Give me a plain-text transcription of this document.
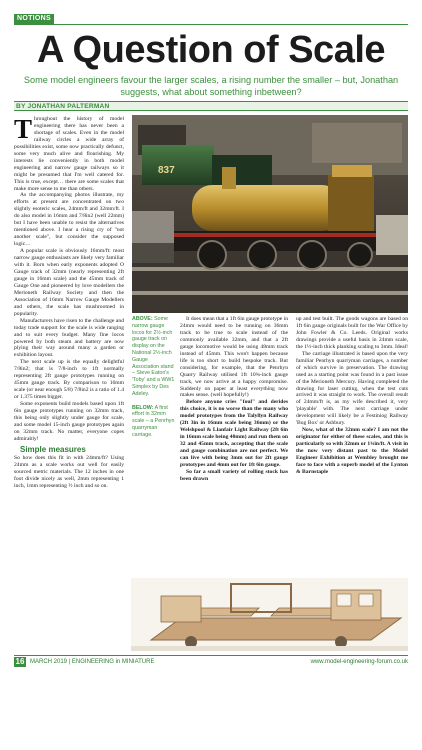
NOTIONS
A Question of Scale
Some model engineers favour the larger scales, a rising number the smaller – but, Jonathan suggests, what about something inbetween?
BY JONATHAN PALTERMAN

Throughout the history of model engineering there has never been a shortage of scales. Even in the model railway circles a wide array of possibilities exist, some now practically defunct, some very much alive and flourishing. My interests lie conveniently in both model engineering and narrow gauge railways so it might be presumed that I'm well catered for. This is true, except… there are some scales that make more sense to me than others.

As the accompanying photos illustrate, my efforts at present are concentrated on two slightly esoteric scales, 24mm/ft and 32mm/ft. I do also model in 16mm and 7/8in2 (well 22mm) but I have been unable to resist the alternatives mentioned above. I hear a rising cry of "not another scale", but consider the supposed logic…

A popular scale is obviously 16mm/ft: most narrow gauge enthusiasts are likely very familiar with it. Born when early exponents adopted O Gauge track of 32mm (nearly representing 2ft gauge in 16mm scale) and the 45mm track of Gauge One and pioneered by love modellers the Merioneth Railway Society and then the Association of 16mm Narrow Gauge Modellers and others, the scale has mushroomed in popularity.

Manufacturers have risen to the challenge and today trade support for the scale is wide ranging and to suit every budget. Many fine locos powered by both steam and battery are now plying their way around many a garden or exhibition layout.

The next scale up is the equally delightful 7/8in2; that is 7/8-inch to 1ft normally representing 2ft gauge prototypes running on 45mm gauge track. By comparison to 16mm scale (or near enough 5/8) 7/8in2 is a ratio of 1.4 or 1.375 times bigger.

Some exponents build models based upon 1ft 6in gauge prototypes running on 32mm track, this being only slightly under gauge for scale, and some model 15-inch gauge prototypes again on 32mm track. No matter, everyone copes admirably!

Simple measures

So how does this fit in with 24mm/ft? Using 24mm as a scale works out well for easily sourced metric materials. The 12 inches in one foot divide nicely as well, 2mm representing 1 inch, 1mm representing ½ inch and so on.

837

ABOVE: Some narrow gauge locos for 2½-inch gauge track on display on the National 2½-inch Gauge Association stand – Steve Eaton's 'Toby' and a WW1 Simplex by Des Adeley.

BELOW: A first effort in 32mm scale – a Penrhyn quarryman carriage.

It does mean that a 1ft 6in gauge prototype in 24mm would need to be running on 36mm track to be true to scale instead of the commonly available 32mm, and that a 2ft gauge locomotive would be using 48mm track instead of 45mm. This won't happen because life is too short to build bespoke track. But considering, for example, that the Penrhyn Quarry Railway utilised 1ft 10¾-inch gauge track, we now arrive at a happy compromise. Suddenly on paper at least everything now makes sense. (well hopefully!)

Before anyone cries "foul" and derides this choice, it is no worse than the many who model prototypes from the Talyllyn Railway (2ft 3in in 16mm scale being 36mm) or the Welshpool & Llanfair Light Railway (2ft 6in in 16mm scale being 40mm) and run them on 32 and 45mm track, accepting that the scale and gauge combination are not perfect. We can live with being 3mm out for 2ft gauge prototypes and 4mm out for 1ft 6in gauge.

So far a small variety of rolling stock has been drawn

up and test built. The goods wagons are based on 1ft 6in gauge originals built for the War Office by John Fowler & Co. Leeds. Original works drawings provide a useful basis in 24mm scale, the 1½-inch thick planking scaling to 3mm. Ideal!

The carriage illustrated is based upon the very familiar Penrhyn quarryman carriages, a number of which survive in preservation. The drawing used as a starting point was found in a past issue of the Merioneth Mercury. Having completed the drawing for laser cutting, when the test cuts arrived it was straight to work. The overall result of 24mm/ft is, as my wife described it, very 'playable' with. The next carriage under development will likely be a Festiniog Railway 'Bug Box' or Ashbury.

Now, what of the 32mm scale? I am not the originator for either of these scales, and this is particularly so with 32mm or 1¾in/ft. A visit in the now very distant past to the Model Engineer Exhibition at Wembley brought me face to face with a superb model of the Lynton & Barnstaple

16 MARCH 2019 | ENGINEERING in MINIATURE	www.model-engineering-forum.co.uk
